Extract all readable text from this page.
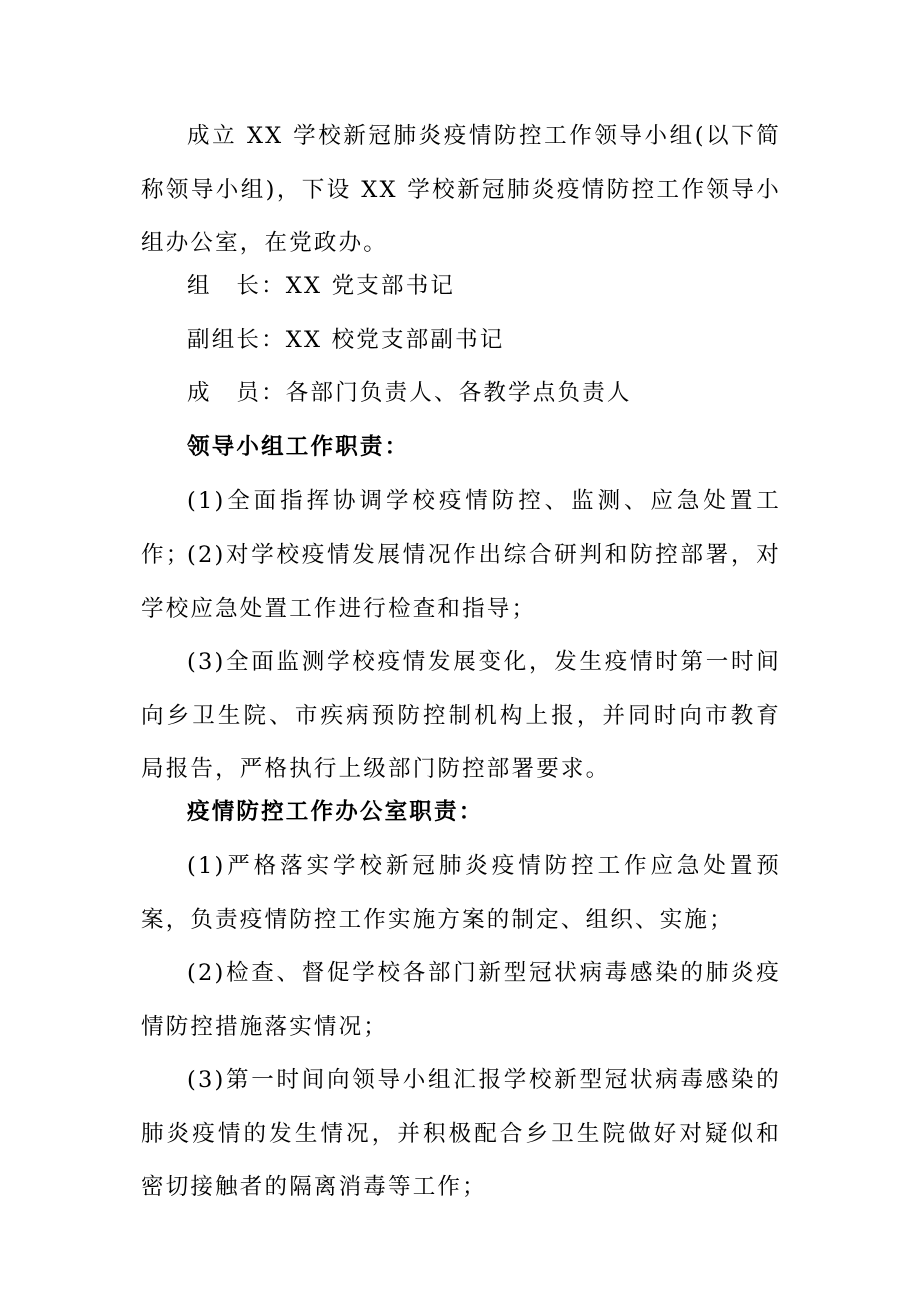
成立 XX 学校新冠肺炎疫情防控工作领导小组(以下简称领导小组)，下设 XX 学校新冠肺炎疫情防控工作领导小组办公室，在党政办。

组　长：XX 党支部书记

副组长：XX 校党支部副书记

成　员：各部门负责人、各教学点负责人

领导小组工作职责：

(1)全面指挥协调学校疫情防控、监测、应急处置工作；

(2)对学校疫情发展情况作出综合研判和防控部署，对学校应急处置工作进行检查和指导；

(3)全面监测学校疫情发展变化，发生疫情时第一时间向乡卫生院、市疾病预防控制机构上报，并同时向市教育局报告，严格执行上级部门防控部署要求。

疫情防控工作办公室职责：

(1)严格落实学校新冠肺炎疫情防控工作应急处置预案，负责疫情防控工作实施方案的制定、组织、实施；

(2)检查、督促学校各部门新型冠状病毒感染的肺炎疫情防控措施落实情况；

(3)第一时间向领导小组汇报学校新型冠状病毒感染的肺炎疫情的发生情况，并积极配合乡卫生院做好对疑似和密切接触者的隔离消毒等工作；
